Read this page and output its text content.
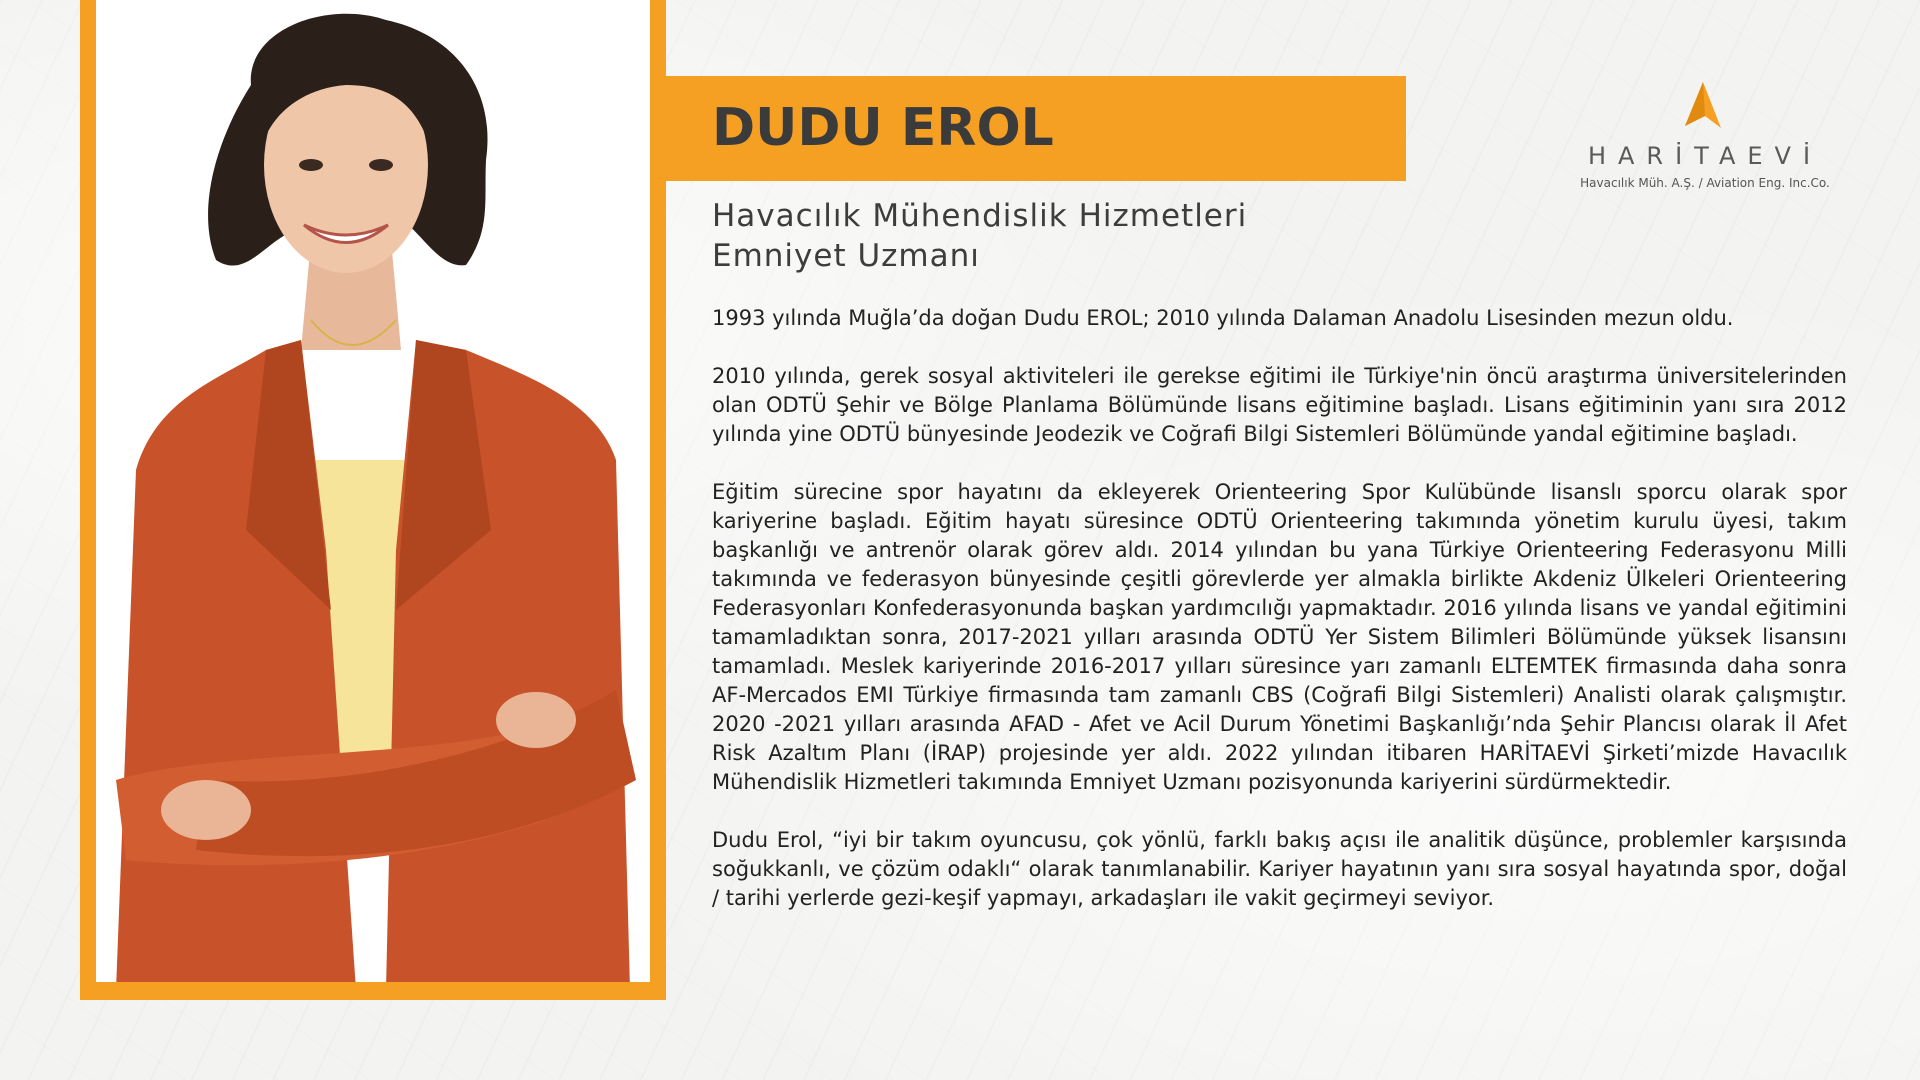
DUDU EROL
Havacılık Mühendislik Hizmetleri
Emniyet Uzmanı

1993 yılında Muğla’da doğan Dudu EROL; 2010 yılında Dalaman Anadolu Lisesinden mezun oldu.

2010 yılında, gerek sosyal aktiviteleri ile gerekse eğitimi ile Türkiye'nin öncü araştırma üniversitelerinden olan ODTÜ Şehir ve Bölge Planlama Bölümünde lisans eğitimine başladı. Lisans eğitiminin yanı sıra 2012 yılında yine ODTÜ bünyesinde Jeodezik ve Coğrafi Bilgi Sistemleri Bölümünde yandal eğitimine başladı.

Eğitim sürecine spor hayatını da ekleyerek Orienteering Spor Kulübünde lisanslı sporcu olarak spor kariyerine başladı. Eğitim hayatı süresince ODTÜ Orienteering takımında yönetim kurulu üyesi, takım başkanlığı ve antrenör olarak görev aldı. 2014 yılından bu yana Türkiye Orienteering Federasyonu Milli takımında ve federasyon bünyesinde çeşitli görevlerde yer almakla birlikte Akdeniz Ülkeleri Orienteering Federasyonları Konfederasyonunda başkan yardımcılığı yapmaktadır. 2016 yılında lisans ve yandal eğitimini tamamladıktan sonra, 2017-2021 yılları arasında ODTÜ Yer Sistem Bilimleri Bölümünde yüksek lisansını tamamladı. Meslek kariyerinde 2016-2017 yılları süresince yarı zamanlı ELTEMTEK firmasında daha sonra AF-Mercados EMI Türkiye firmasında tam zamanlı CBS (Coğrafi Bilgi Sistemleri) Analisti olarak çalışmıştır. 2020 -2021 yılları arasında AFAD - Afet ve Acil Durum Yönetimi Başkanlığı’nda Şehir Plancısı olarak İl Afet Risk Azaltım Planı (İRAP) projesinde yer aldı. 2022 yılından itibaren HARİTAEVİ Şirketi’mizde Havacılık Mühendislik Hizmetleri takımında Emniyet Uzmanı pozisyonunda kariyerini sürdürmektedir.

Dudu Erol, “iyi bir takım oyuncusu, çok yönlü, farklı bakış açısı ile analitik düşünce, problemler karşısında soğukkanlı, ve çözüm odaklı“ olarak tanımlanabilir. Kariyer hayatının yanı sıra sosyal hayatında spor, doğal / tarihi yerlerde gezi-keşif yapmayı, arkadaşları ile vakit geçirmeyi seviyor.

HARİTAEVİ
Havacılık Müh. A.Ş. / Aviation Eng. Inc.Co.
